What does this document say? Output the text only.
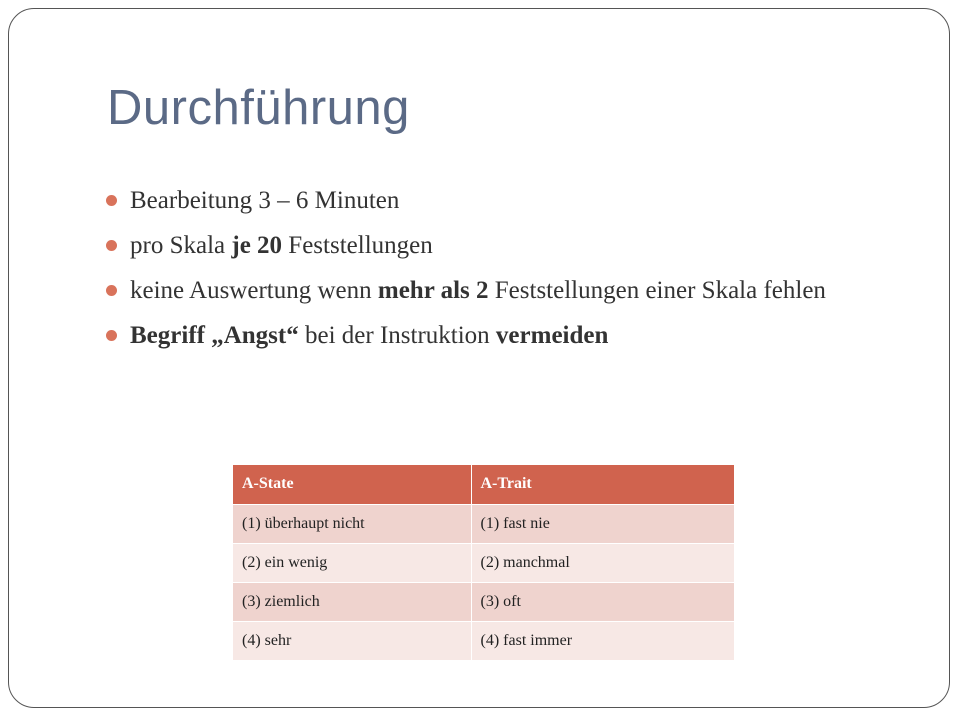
Durchführung
Bearbeitung 3 – 6 Minuten
pro Skala je 20 Feststellungen
keine Auswertung wenn mehr als 2 Feststellungen einer Skala fehlen
Begriff „Angst“ bei der Instruktion vermeiden
A-State	A-Trait
(1) überhaupt nicht	(1) fast nie
(2) ein wenig	(2) manchmal
(3) ziemlich	(3) oft
(4) sehr	(4) fast immer
